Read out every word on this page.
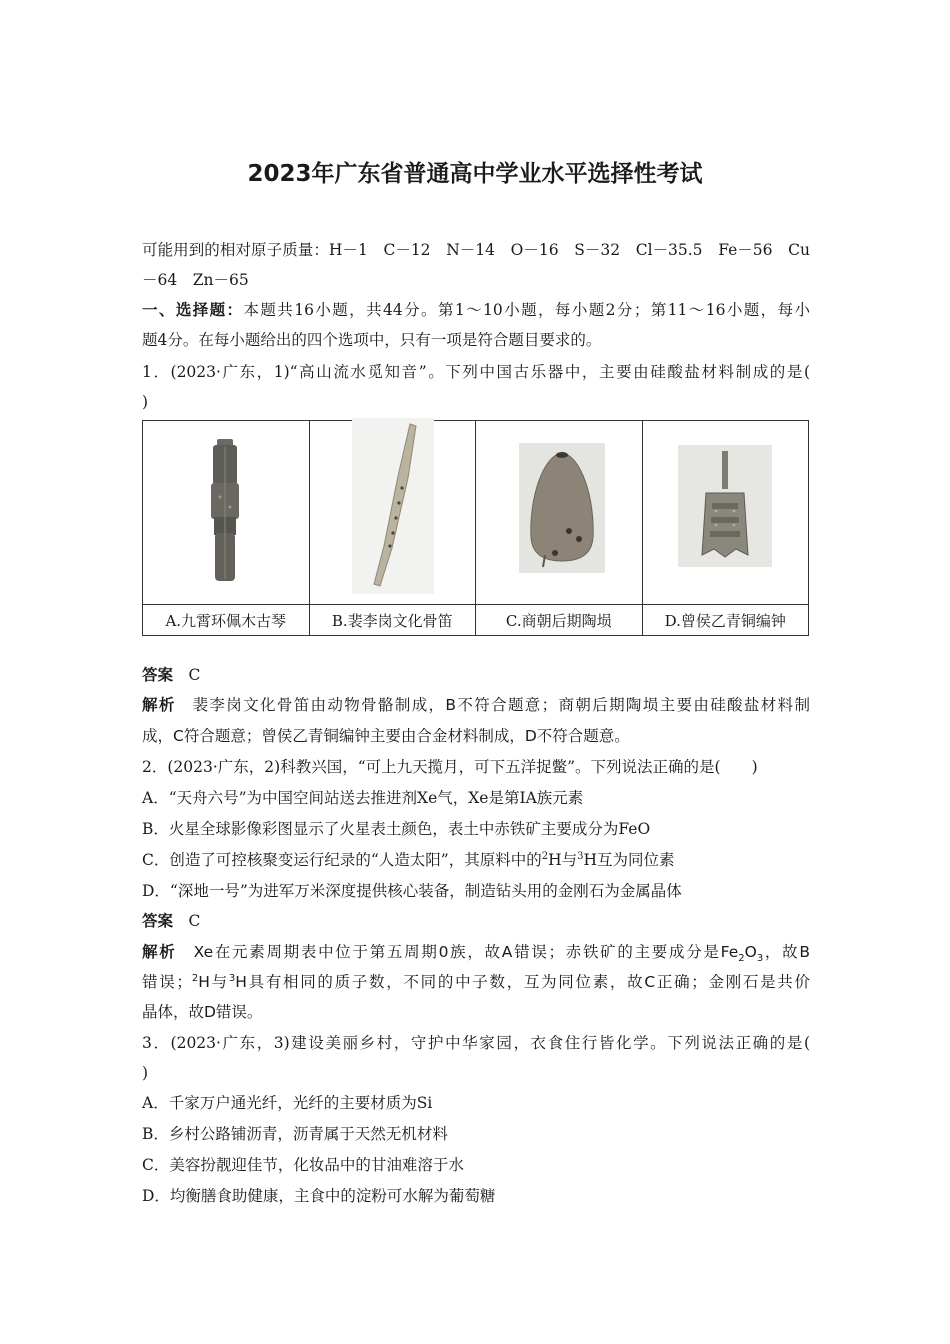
2023年广东省普通高中学业水平选择性考试
可能用到的相对原子质量：H－1　C－12　N－14　O－16　S－32　Cl－35.5　Fe－56　Cu
－64　Zn－65
一、选择题：本题共16小题，共44分。第1～10小题，每小题2分；第11～16小题，每小
题4分。在每小题给出的四个选项中，只有一项是符合题目要求的。
1．(2023·广东，1)“高山流水觅知音”。下列中国古乐器中，主要由硅酸盐材料制成的是(
)

A.九霄环佩木古琴	B.裴李岗文化骨笛	C.商朝后期陶埙	D.曾侯乙青铜编钟
答案　 C
解析　 裴李岗文化骨笛由动物骨骼制成，B不符合题意；商朝后期陶埙主要由硅酸盐材料制
成，C符合题意；曾侯乙青铜编钟主要由合金材料制成，D不符合题意。
2．(2023·广东，2)科教兴国，“可上九天揽月，可下五洋捉鳖”。下列说法正确的是(　　)
A．“天舟六号”为中国空间站送去推进剂Xe气，Xe是第ⅠA族元素
B．火星全球影像彩图显示了火星表土颜色，表土中赤铁矿主要成分为FeO
C．创造了可控核聚变运行纪录的“人造太阳”，其原料中的$^2$H与$^3$H互为同位素
D．“深地一号”为进军万米深度提供核心装备，制造钻头用的金刚石为金属晶体
答案　 C
解析　 Xe在元素周期表中位于第五周期0族，故A错误；赤铁矿的主要成分是$Fe_2O_3$，故B
错误；$^2$H与$^3$H具有相同的质子数，不同的中子数，互为同位素，故C正确；金刚石是共价
晶体，故D错误。
3．(2023·广东，3)建设美丽乡村，守护中华家园，衣食住行皆化学。下列说法正确的是(
)
A．千家万户通光纤，光纤的主要材质为Si
B．乡村公路铺沥青，沥青属于天然无机材料
C．美容扮靓迎佳节，化妆品中的甘油难溶于水
D．均衡膳食助健康，主食中的淀粉可水解为葡萄糖
